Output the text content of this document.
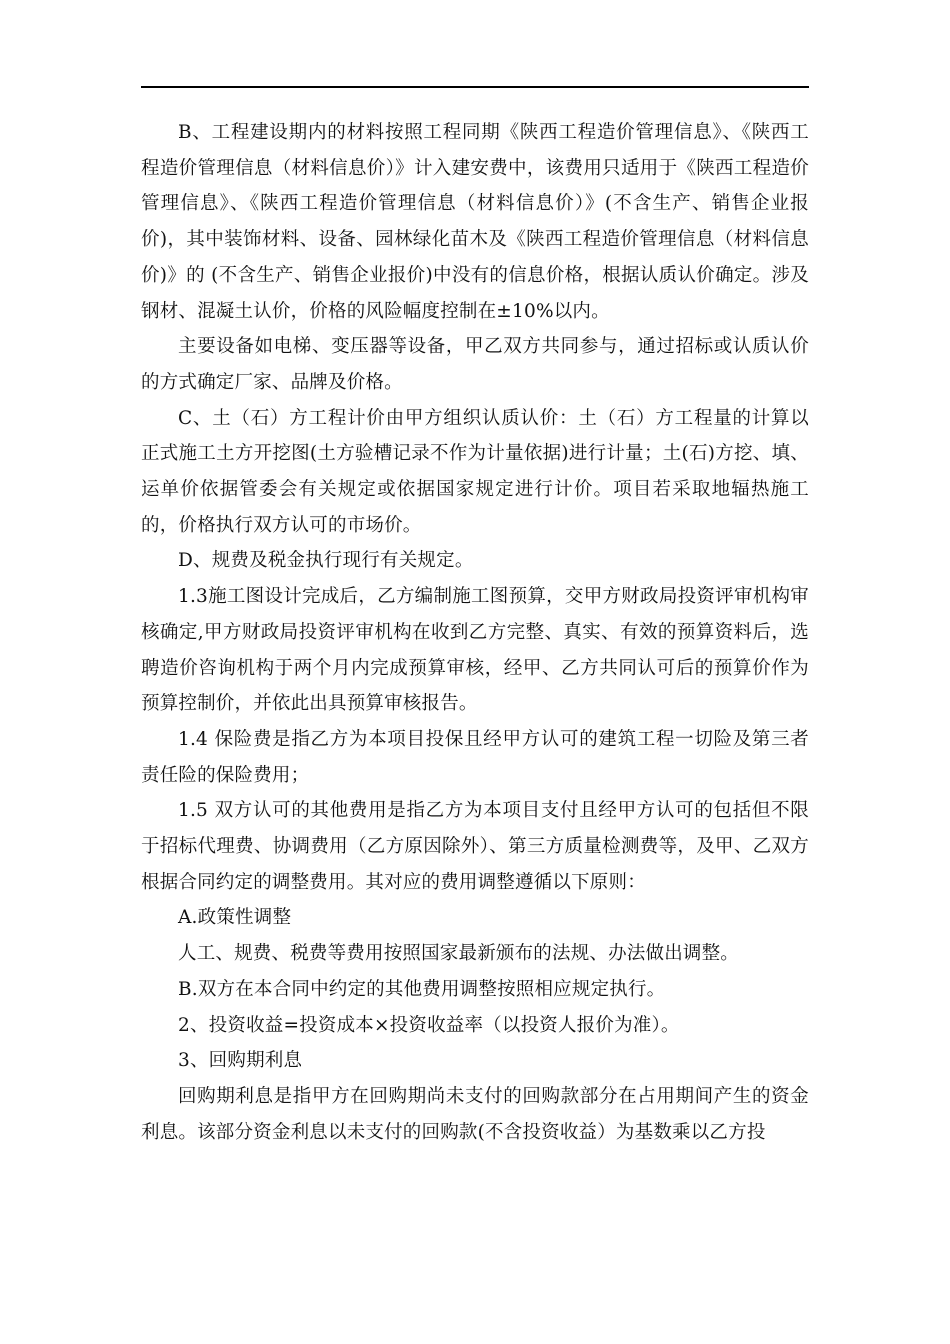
B、工程建设期内的材料按照工程同期《陕西工程造价管理信息》、《陕西工程造价管理信息（材料信息价）》计入建安费中，该费用只适用于《陕西工程造价管理信息》、《陕西工程造价管理信息（材料信息价）》(不含生产、销售企业报价)，其中装饰材料、设备、园林绿化苗木及《陕西工程造价管理信息（材料信息价)》的 (不含生产、销售企业报价)中没有的信息价格，根据认质认价确定。涉及钢材、混凝土认价，价格的风险幅度控制在±10%以内。

主要设备如电梯、变压器等设备，甲乙双方共同参与，通过招标或认质认价的方式确定厂家、品牌及价格。

C、土（石）方工程计价由甲方组织认质认价：土（石）方工程量的计算以正式施工土方开挖图(土方验槽记录不作为计量依据)进行计量；土(石)方挖、填、运单价依据管委会有关规定或依据国家规定进行计价。项目若采取地辐热施工的，价格执行双方认可的市场价。

D、规费及税金执行现行有关规定。

1.3施工图设计完成后，乙方编制施工图预算，交甲方财政局投资评审机构审核确定,甲方财政局投资评审机构在收到乙方完整、真实、有效的预算资料后，选聘造价咨询机构于两个月内完成预算审核，经甲、乙方共同认可后的预算价作为预算控制价，并依此出具预算审核报告。

1.4 保险费是指乙方为本项目投保且经甲方认可的建筑工程一切险及第三者责任险的保险费用；

1.5 双方认可的其他费用是指乙方为本项目支付且经甲方认可的包括但不限于招标代理费、协调费用（乙方原因除外）、第三方质量检测费等，及甲、乙双方根据合同约定的调整费用。其对应的费用调整遵循以下原则：

A.政策性调整

人工、规费、税费等费用按照国家最新颁布的法规、办法做出调整。

B.双方在本合同中约定的其他费用调整按照相应规定执行。

2、投资收益=投资成本×投资收益率（以投资人报价为准）。

3、回购期利息

回购期利息是指甲方在回购期尚未支付的回购款部分在占用期间产生的资金利息。该部分资金利息以未支付的回购款(不含投资收益）为基数乘以乙方投
